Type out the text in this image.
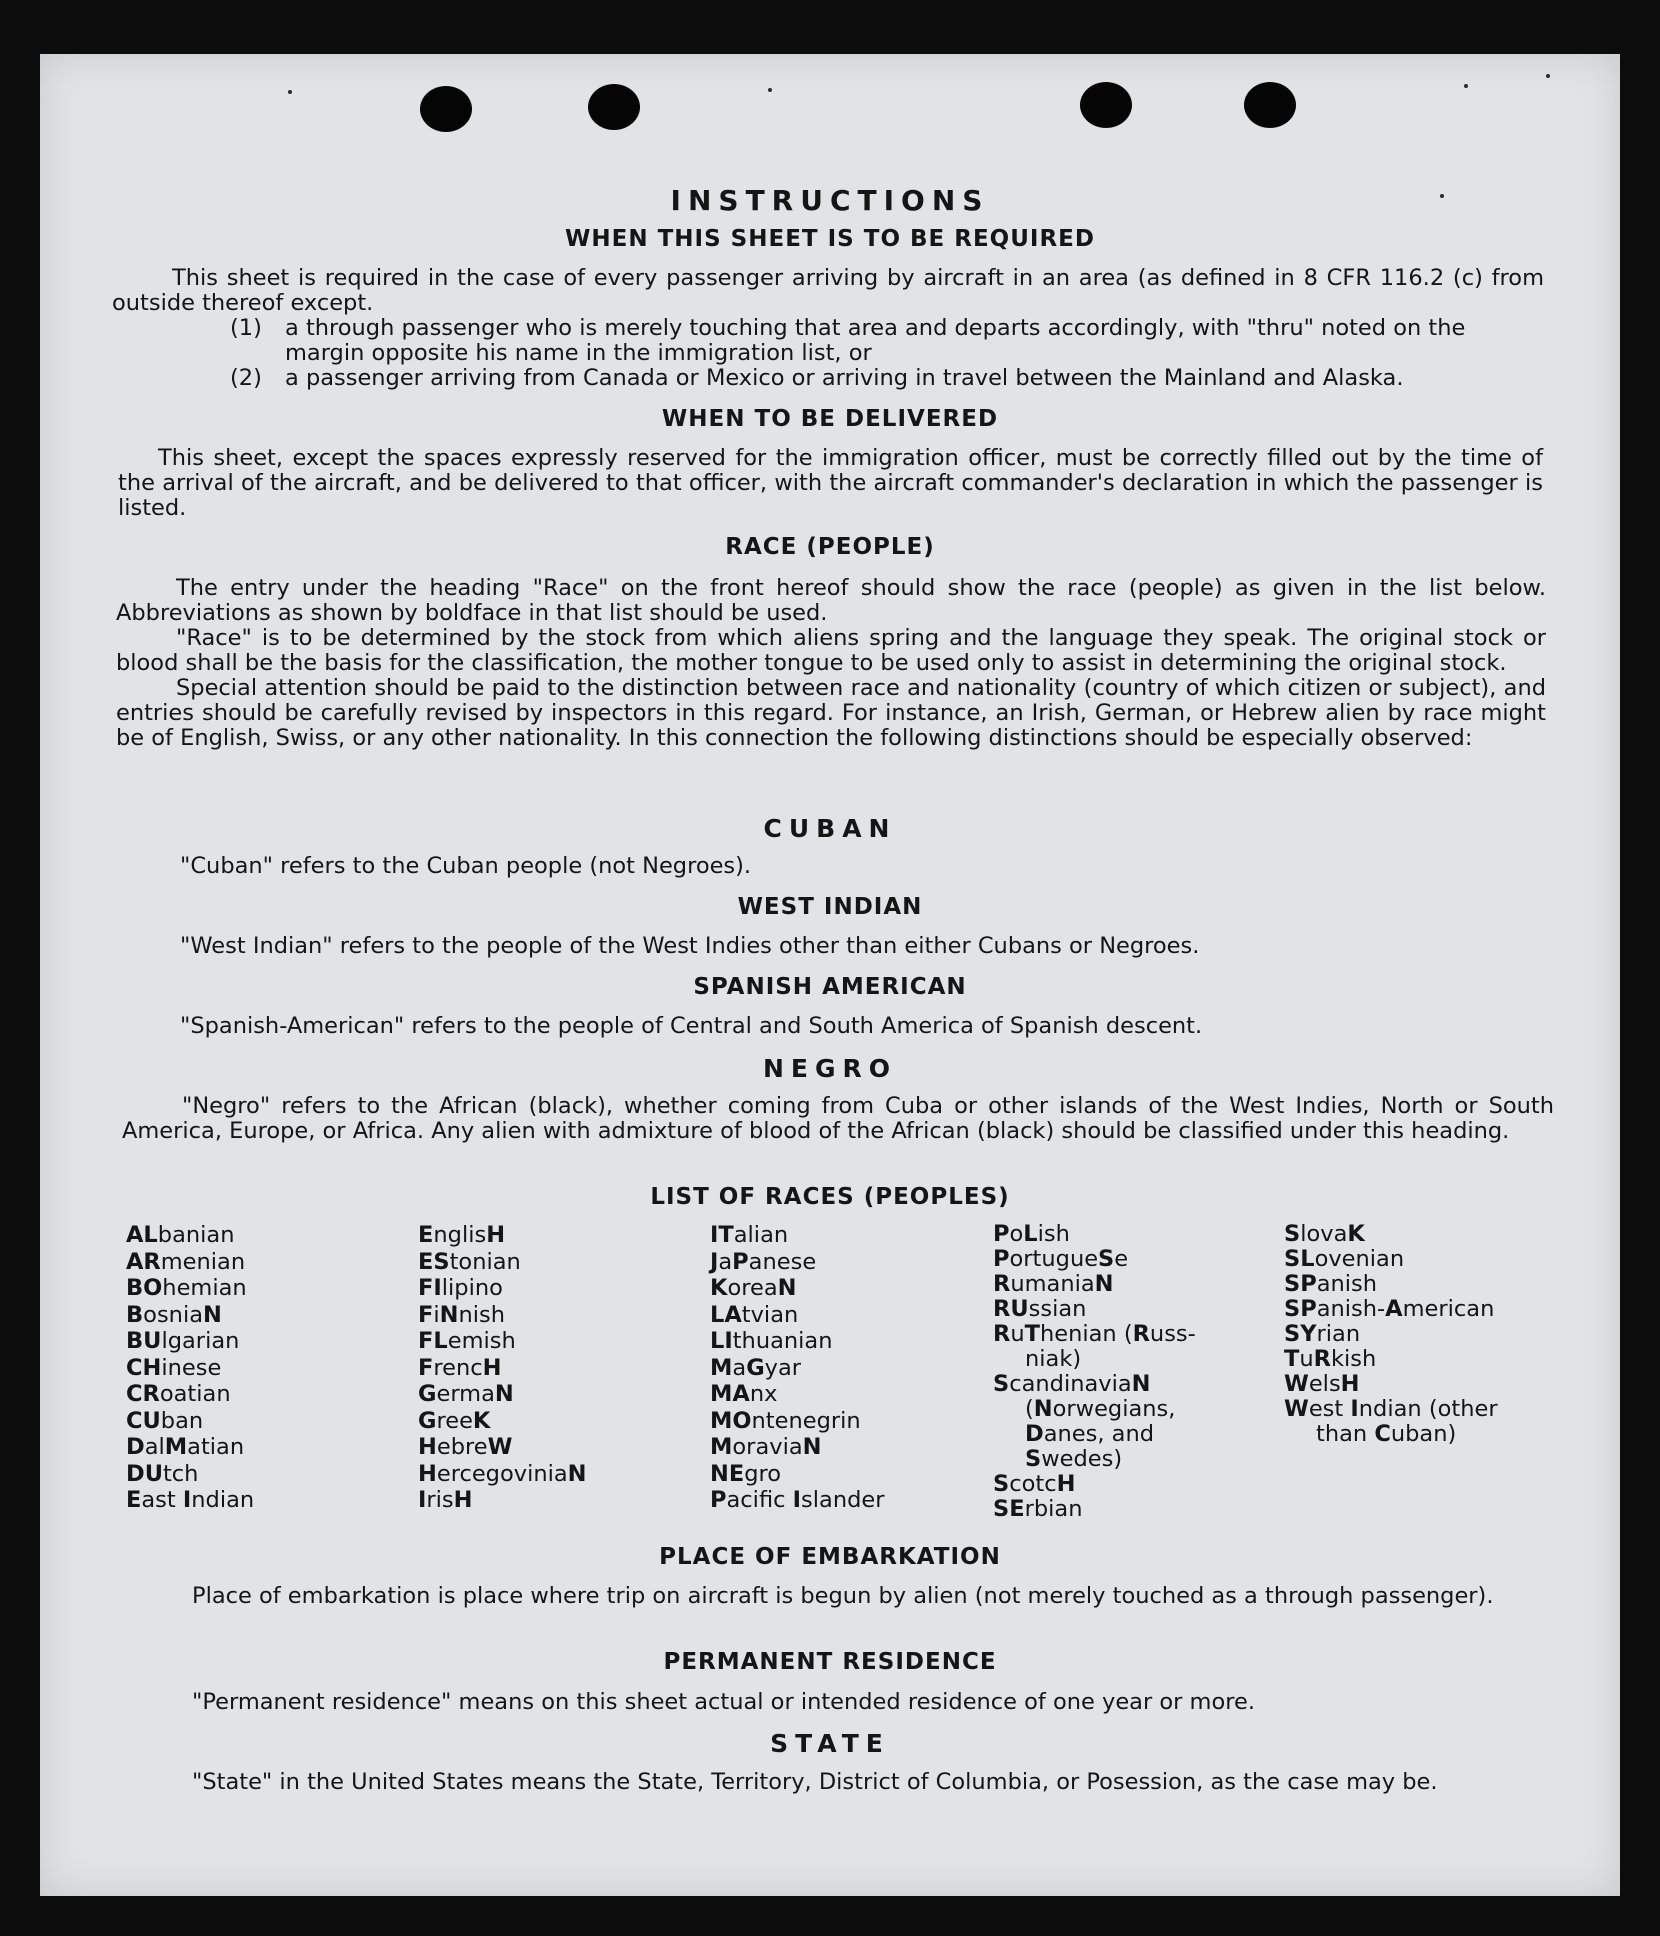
INSTRUCTIONS
WHEN THIS SHEET IS TO BE REQUIRED

This sheet is required in the case of every passenger arriving by aircraft in an area (as defined in 8 CFR 116.2 (c) from outside thereof except.

(1)	a through passenger who is merely touching that area and departs accordingly, with "thru" noted on the margin opposite his name in the immigration list, or
(2)	a passenger arriving from Canada or Mexico or arriving in travel between the Mainland and Alaska.
WHEN TO BE DELIVERED

This sheet, except the spaces expressly reserved for the immigration officer, must be correctly filled out by the time of the arrival of the aircraft, and be delivered to that officer, with the aircraft commander's declaration in which the passenger is listed.

RACE (PEOPLE)

The entry under the heading "Race" on the front hereof should show the race (people) as given in the list below. Abbreviations as shown by boldface in that list should be used.

"Race" is to be determined by the stock from which aliens spring and the language they speak. The original stock or blood shall be the basis for the classification, the mother tongue to be used only to assist in determining the original stock.

Special attention should be paid to the distinction between race and nationality (country of which citizen or subject), and entries should be carefully revised by inspectors in this regard. For instance, an Irish, German, or Hebrew alien by race might be of English, Swiss, or any other nationality. In this connection the following distinctions should be especially observed:

CUBAN

"Cuban" refers to the Cuban people (not Negroes).

WEST INDIAN

"West Indian" refers to the people of the West Indies other than either Cubans or Negroes.

SPANISH AMERICAN

"Spanish-American" refers to the people of Central and South America of Spanish descent.

NEGRO

"Negro" refers to the African (black), whether coming from Cuba or other islands of the West Indies, North or South America, Europe, or Africa. Any alien with admixture of blood of the African (black) should be classified under this heading.

LIST OF RACES (PEOPLES)
ALbanian
ARmenian
BOhemian
BosniaN
BUlgarian
CHinese
CRoatian
CUban
DalMatian
DUtch
East Indian
EnglisH
EStonian
FIlipino
FiNnish
FLemish
FrencH
GermaN
GreeK
HebreW
HercegoviniaN
IrisH
ITalian
JaPanese
KoreaN
LAtvian
LIthuanian
MaGyar
MAnx
MOntenegrin
MoraviaN
NEgro
Pacifc Islander
PoLish
PortugueSe
RumaniaN
RUssian
RuThenian (Russ-
niak)
ScandinaviaN
(Norwegians,
Danes, and
Swedes)
ScotcH
SErbian
SlovaK
SLovenian
SPanish
SPanish-American
SYrian
TuRkish
WelsH
West Indian (other
than Cuban)
PLACE OF EMBARKATION

Place of embarkation is place where trip on aircraft is begun by alien (not merely touched as a through passenger).

PERMANENT RESIDENCE

"Permanent residence" means on this sheet actual or intended residence of one year or more.

STATE

"State" in the United States means the State, Territory, District of Columbia, or Posession, as the case may be.
